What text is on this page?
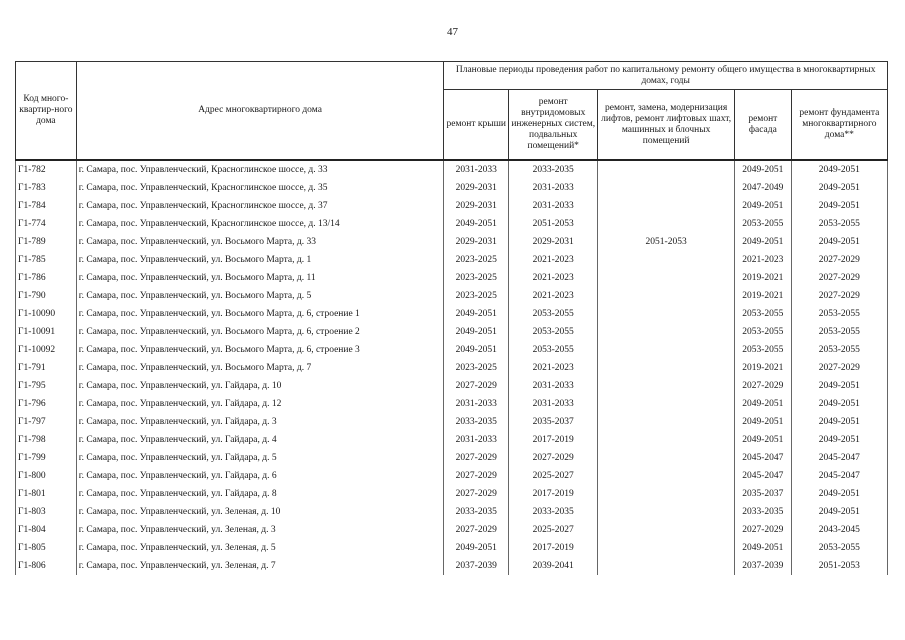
47
Код много-квартир-ного дома	Адрес многоквартирного дома	Плановые периоды проведения работ по капитальному ремонту общего имущества в многоквартирных домах, годы				
		ремонт крыши	ремонт внутридомовых инженерных систем, подвальных помещений*	ремонт, замена, модернизация лифтов, ремонт лифтовых шахт, машинных и блочных помещений	ремонт фасада	ремонт фундамента многоквартирного дома**
Г1-782	г. Самара, пос. Управленческий, Красноглинское шоссе, д. 33	2031-2033	2033-2035		2049-2051	2049-2051
Г1-783	г. Самара, пос. Управленческий, Красноглинское шоссе, д. 35	2029-2031	2031-2033		2047-2049	2049-2051
Г1-784	г. Самара, пос. Управленческий, Красноглинское шоссе, д. 37	2029-2031	2031-2033		2049-2051	2049-2051
Г1-774	г. Самара, пос. Управленческий, Красноглинское шоссе, д. 13/14	2049-2051	2051-2053		2053-2055	2053-2055
Г1-789	г. Самара, пос. Управленческий, ул. Восьмого Марта, д. 33	2029-2031	2029-2031	2051-2053	2049-2051	2049-2051
Г1-785	г. Самара, пос. Управленческий, ул. Восьмого Марта, д. 1	2023-2025	2021-2023		2021-2023	2027-2029
Г1-786	г. Самара, пос. Управленческий, ул. Восьмого Марта, д. 11	2023-2025	2021-2023		2019-2021	2027-2029
Г1-790	г. Самара, пос. Управленческий, ул. Восьмого Марта, д. 5	2023-2025	2021-2023		2019-2021	2027-2029
Г1-10090	г. Самара, пос. Управленческий, ул. Восьмого Марта, д. 6, строение 1	2049-2051	2053-2055		2053-2055	2053-2055
Г1-10091	г. Самара, пос. Управленческий, ул. Восьмого Марта, д. 6, строение 2	2049-2051	2053-2055		2053-2055	2053-2055
Г1-10092	г. Самара, пос. Управленческий, ул. Восьмого Марта, д. 6, строение 3	2049-2051	2053-2055		2053-2055	2053-2055
Г1-791	г. Самара, пос. Управленческий, ул. Восьмого Марта, д. 7	2023-2025	2021-2023		2019-2021	2027-2029
Г1-795	г. Самара, пос. Управленческий, ул. Гайдара, д. 10	2027-2029	2031-2033		2027-2029	2049-2051
Г1-796	г. Самара, пос. Управленческий, ул. Гайдара, д. 12	2031-2033	2031-2033		2049-2051	2049-2051
Г1-797	г. Самара, пос. Управленческий, ул. Гайдара, д. 3	2033-2035	2035-2037		2049-2051	2049-2051
Г1-798	г. Самара, пос. Управленческий, ул. Гайдара, д. 4	2031-2033	2017-2019		2049-2051	2049-2051
Г1-799	г. Самара, пос. Управленческий, ул. Гайдара, д. 5	2027-2029	2027-2029		2045-2047	2045-2047
Г1-800	г. Самара, пос. Управленческий, ул. Гайдара, д. 6	2027-2029	2025-2027		2045-2047	2045-2047
Г1-801	г. Самара, пос. Управленческий, ул. Гайдара, д. 8	2027-2029	2017-2019		2035-2037	2049-2051
Г1-803	г. Самара, пос. Управленческий, ул. Зеленая, д. 10	2033-2035	2033-2035		2033-2035	2049-2051
Г1-804	г. Самара, пос. Управленческий, ул. Зеленая, д. 3	2027-2029	2025-2027		2027-2029	2043-2045
Г1-805	г. Самара, пос. Управленческий, ул. Зеленая, д. 5	2049-2051	2017-2019		2049-2051	2053-2055
Г1-806	г. Самара, пос. Управленческий, ул. Зеленая, д. 7	2037-2039	2039-2041		2037-2039	2051-2053
